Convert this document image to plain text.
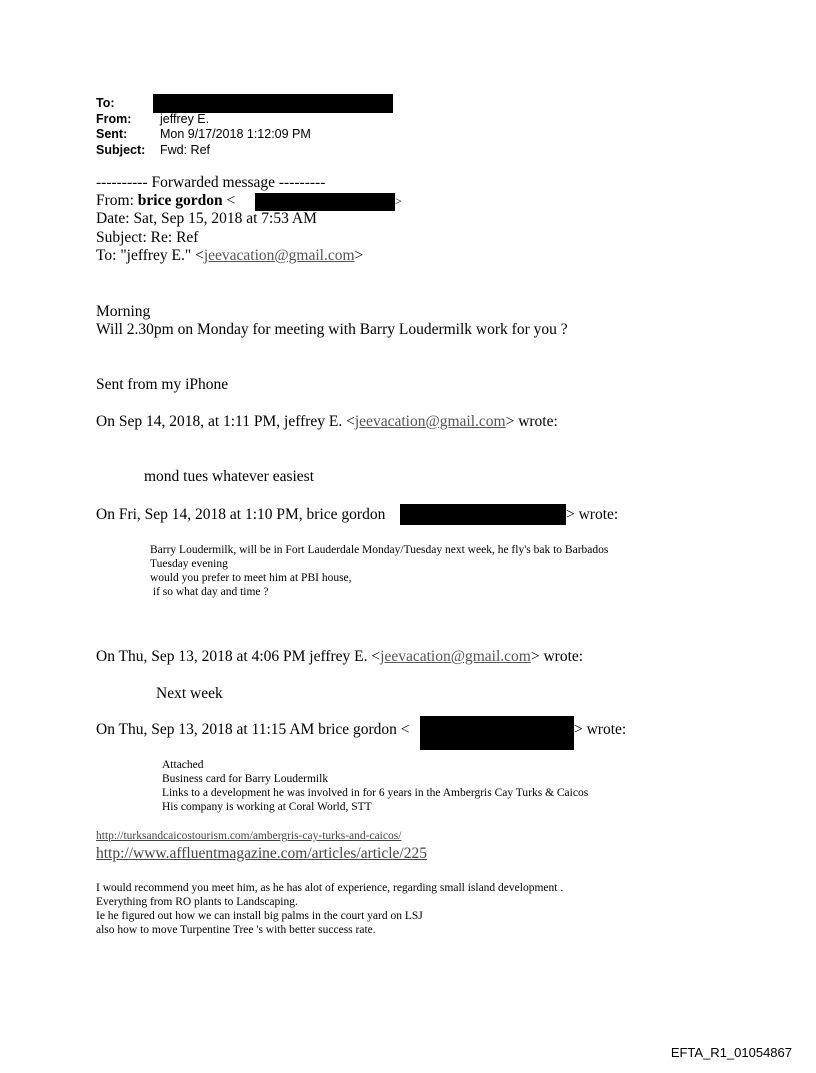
To:
From: jeffrey E.
Sent:	Mon 9/17/2018 1:12:09 PM
Subject: Fwd: Ref
---------- Forwarded message ---------
From: brice gordon <	>
Date: Sat, Sep 15, 2018 at 7:53 AM
Subject: Re: Ref
To: "jeffrey E." <jeevacation@gmail.com>
Morning
Will 2.30pm on Monday for meeting with Barry Loudermilk work for you ?
Sent from my iPhone
On Sep 14, 2018, at 1:11 PM, jeffrey E. <jeevacation@gmail.com> wrote:
mond tues whatever easiest
On Fri, Sep 14, 2018 at 1:10 PM, brice gordon	> wrote:
Barry Loudermilk, will be in Fort Lauderdale Monday/Tuesday next week, he fly's bak to Barbados
Tuesday evening
would you prefer to meet him at PBI house,
if so what day and time ?
On Thu, Sep 13, 2018 at 4:06 PM jeffrey E. <jeevacation@gmail.com> wrote:
Next week
On Thu, Sep 13, 2018 at 11:15 AM brice gordon <	> wrote:
Attached
Business card for Barry Loudermilk
Links to a development he was involved in for 6 years in the Ambergris Cay Turks & Caicos
His company is working at Coral World, STT
http://turksandcaicostourism.com/ambergris-cay-turks-and-caicos/
http://www.affluentmagazine.com/articles/article/225
I would recommend you meet him, as he has alot of experience, regarding small island development .
Everything from RO plants to Landscaping.
Ie he figured out how we can install big palms in the court yard on LSJ
also how to move Turpentine Tree 's with better success rate.
EFTA_R1_01054867
